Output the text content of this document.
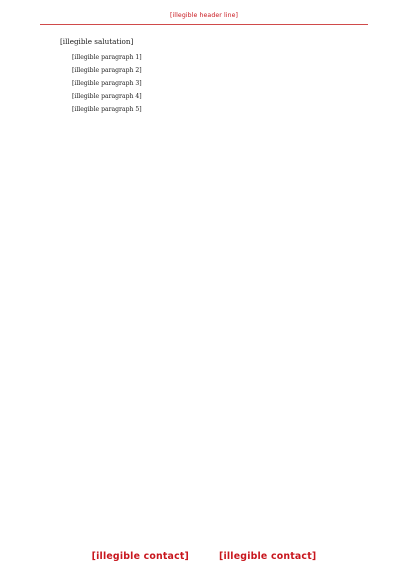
[illegible header line]
[illegible salutation]

[illegible paragraph 1]

[illegible paragraph 2]

[illegible paragraph 3]

[illegible paragraph 4]

[illegible paragraph 5]

[illegible contact]	[illegible contact]
